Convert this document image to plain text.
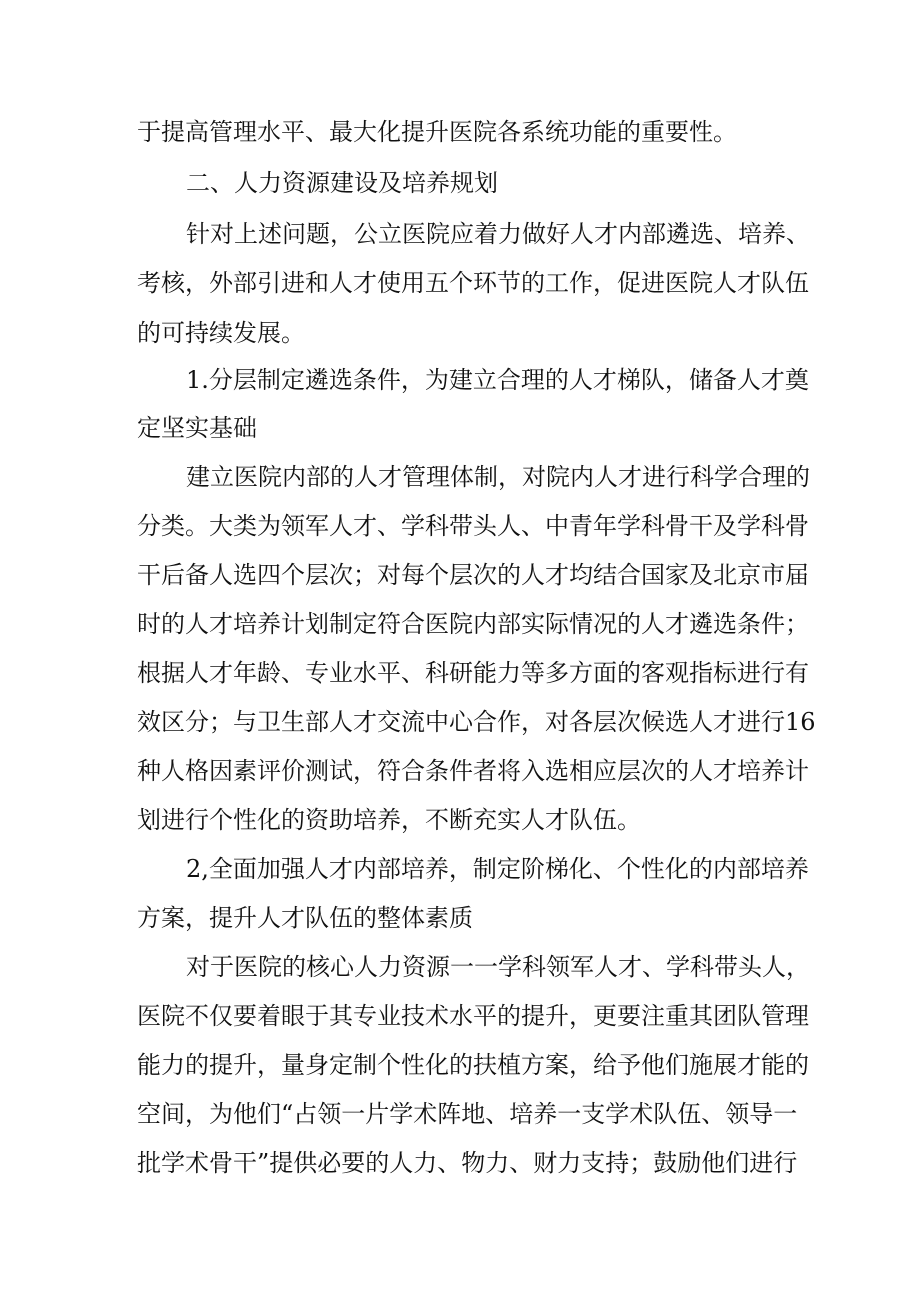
于提高管理水平、最大化提升医院各系统功能的重要性。
二、人力资源建设及培养规划
针对上述问题，公立医院应着力做好人才内部遴选、培养、
考核，外部引进和人才使用五个环节的工作，促进医院人才队伍
的可持续发展。
1.分层制定遴选条件，为建立合理的人才梯队，储备人才奠
定坚实基础
建立医院内部的人才管理体制，对院内人才进行科学合理的
分类。大类为领军人才、学科带头人、中青年学科骨干及学科骨
干后备人选四个层次；对每个层次的人才均结合国家及北京市届
时的人才培养计划制定符合医院内部实际情况的人才遴选条件；
根据人才年龄、专业水平、科研能力等多方面的客观指标进行有
效区分；与卫生部人才交流中心合作，对各层次候选人才进行16
种人格因素评价测试，符合条件者将入选相应层次的人才培养计
划进行个性化的资助培养，不断充实人才队伍。
2,全面加强人才内部培养，制定阶梯化、个性化的内部培养
方案，提升人才队伍的整体素质
对于医院的核心人力资源一一学科领军人才、学科带头人，
医院不仅要着眼于其专业技术水平的提升，更要注重其团队管理
能力的提升，量身定制个性化的扶植方案，给予他们施展才能的
空间，为他们“占领一片学术阵地、培养一支学术队伍、领导一
批学术骨干”提供必要的人力、物力、财力支持；鼓励他们进行
